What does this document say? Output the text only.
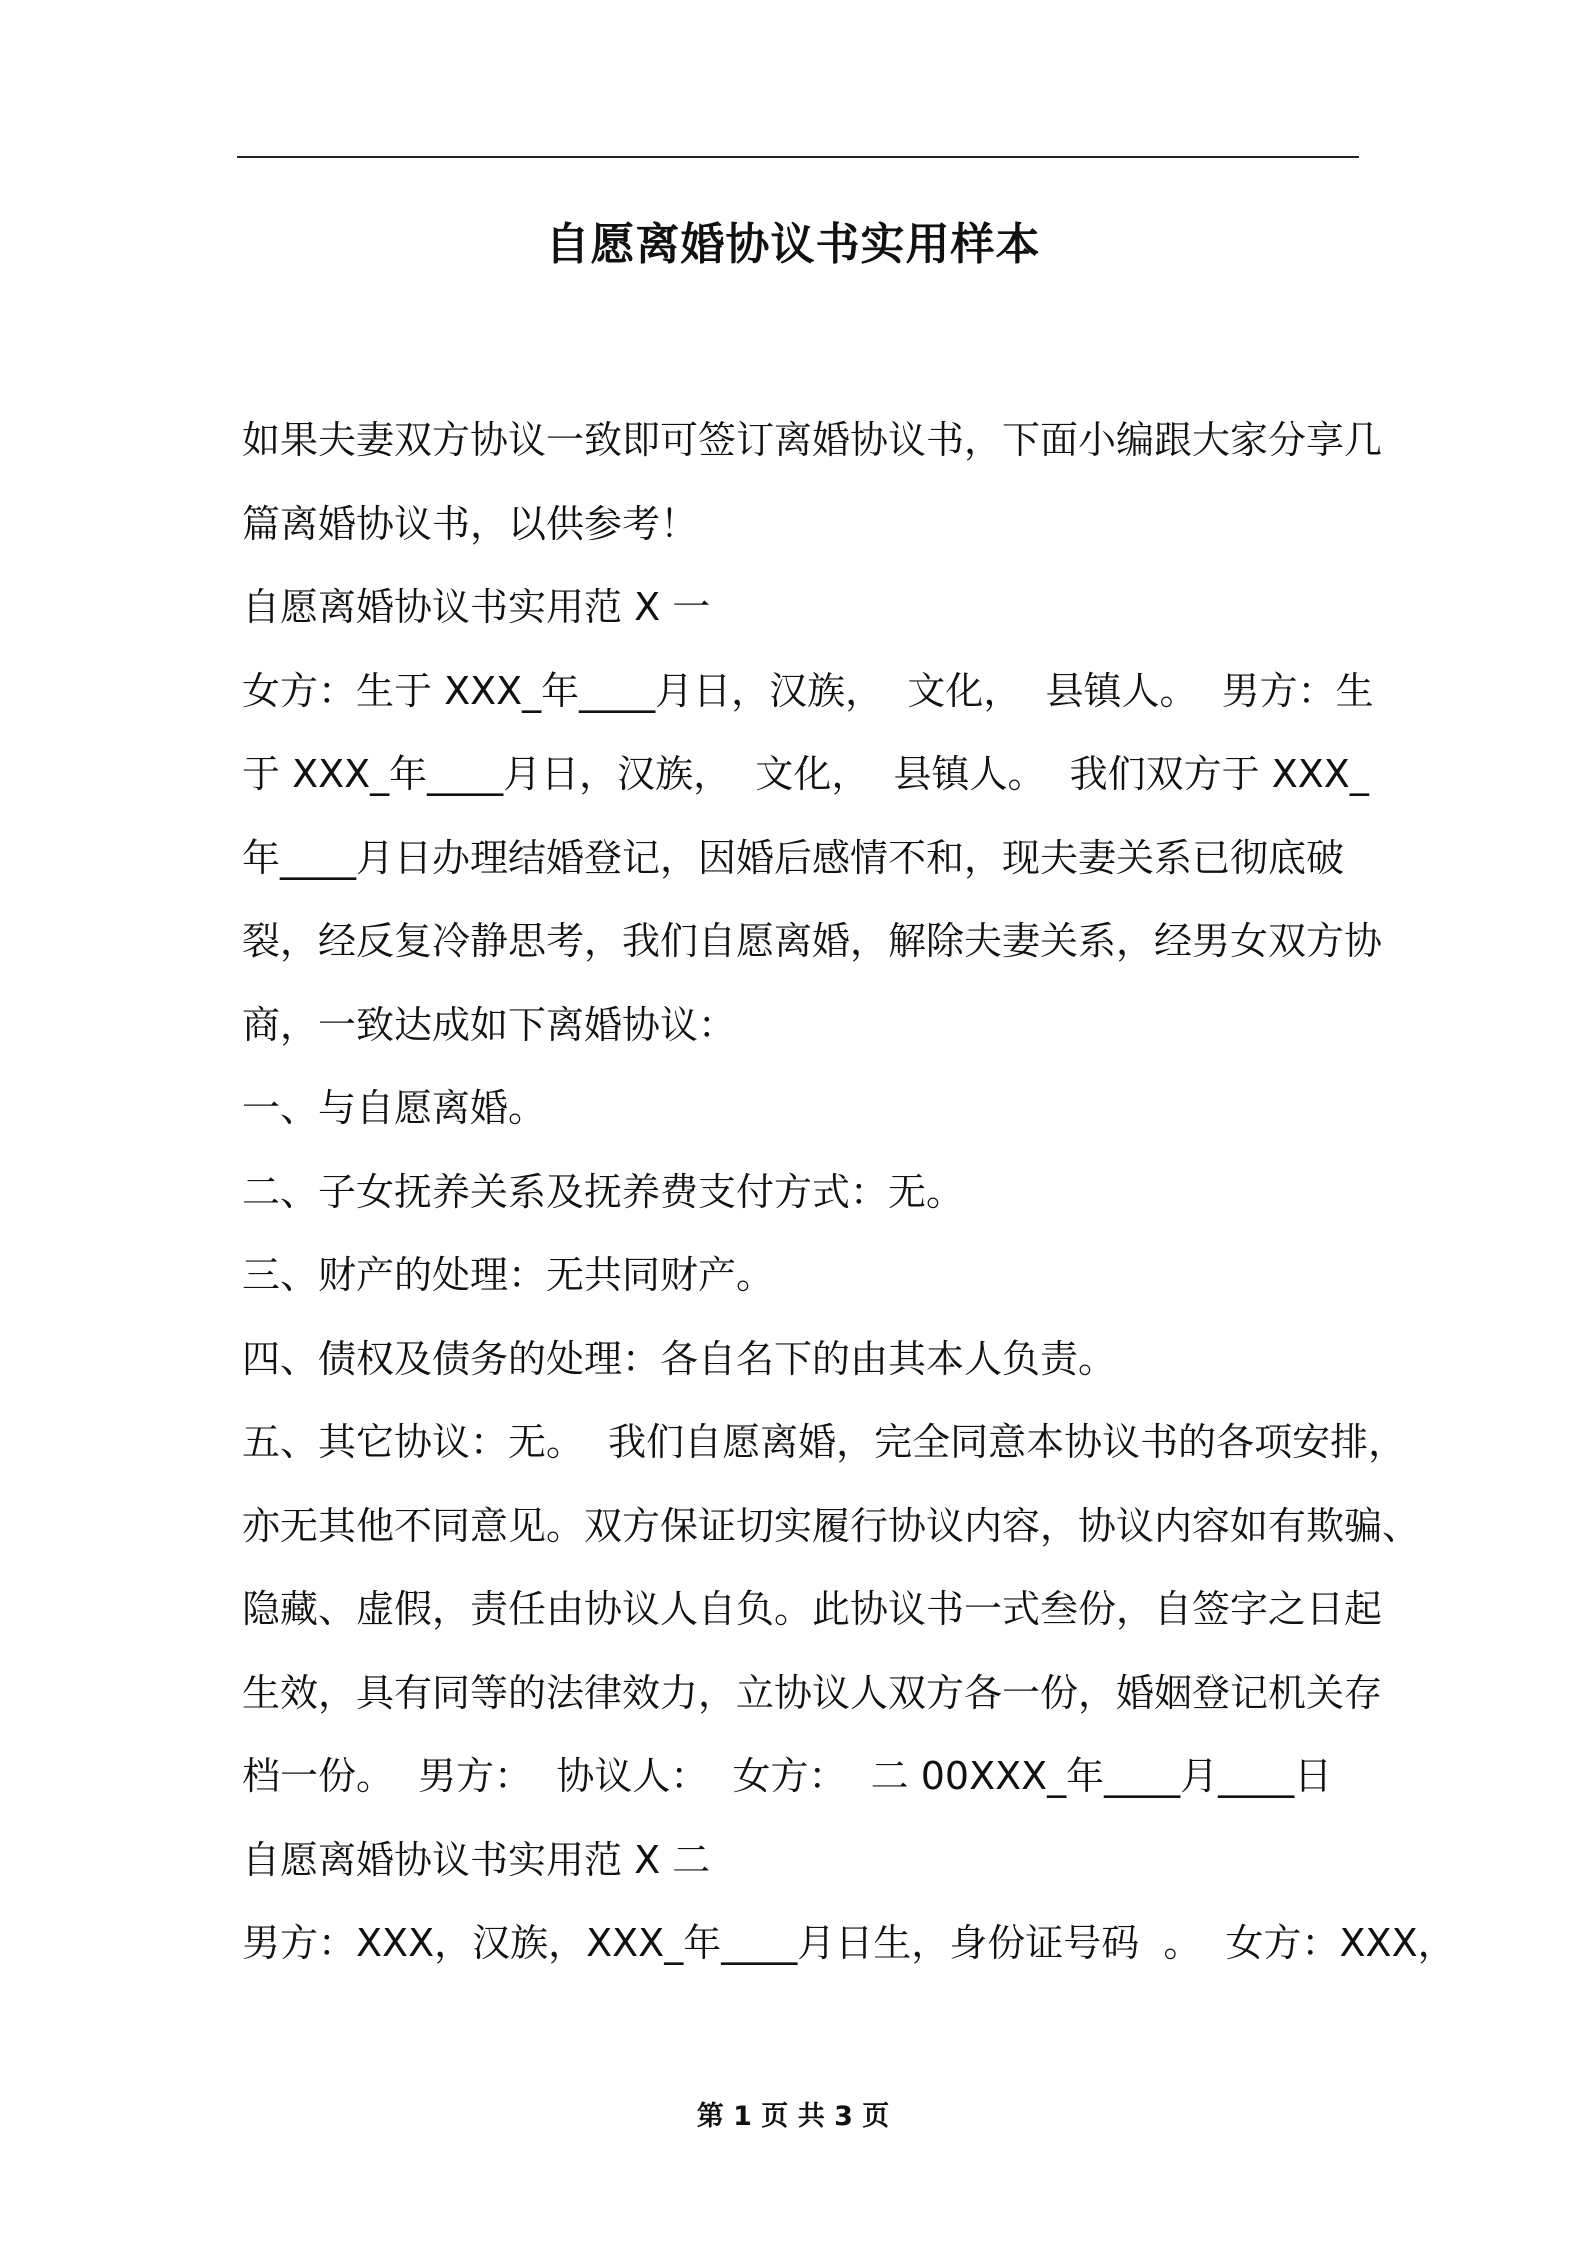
自愿离婚协议书实用样本
如果夫妻双方协议一致即可签订离婚协议书，下面小编跟大家分享几
篇离婚协议书，以供参考！
自愿离婚协议书实用范 X 一
女方：生于 XXX_年____月日，汉族，  文化，  县镇人。  男方：生
于 XXX_年____月日，汉族，  文化，  县镇人。  我们双方于 XXX_
年____月日办理结婚登记，因婚后感情不和，现夫妻关系已彻底破
裂，经反复冷静思考，我们自愿离婚，解除夫妻关系，经男女双方协
商，一致达成如下离婚协议：
一、与自愿离婚。
二、子女抚养关系及抚养费支付方式：无。
三、财产的处理：无共同财产。
四、债权及债务的处理：各自名下的由其本人负责。
五、其它协议：无。  我们自愿离婚，完全同意本协议书的各项安排，
亦无其他不同意见。双方保证切实履行协议内容，协议内容如有欺骗、
隐藏、虚假，责任由协议人自负。此协议书一式叁份，自签字之日起
生效，具有同等的法律效力，立协议人双方各一份，婚姻登记机关存
档一份。  男方：  协议人：  女方：  二 00XXX_年____月____日
自愿离婚协议书实用范 X 二
男方：XXX，汉族，XXX_年____月日生，身份证号码  。  女方：XXX，
第 1 页 共 3 页
